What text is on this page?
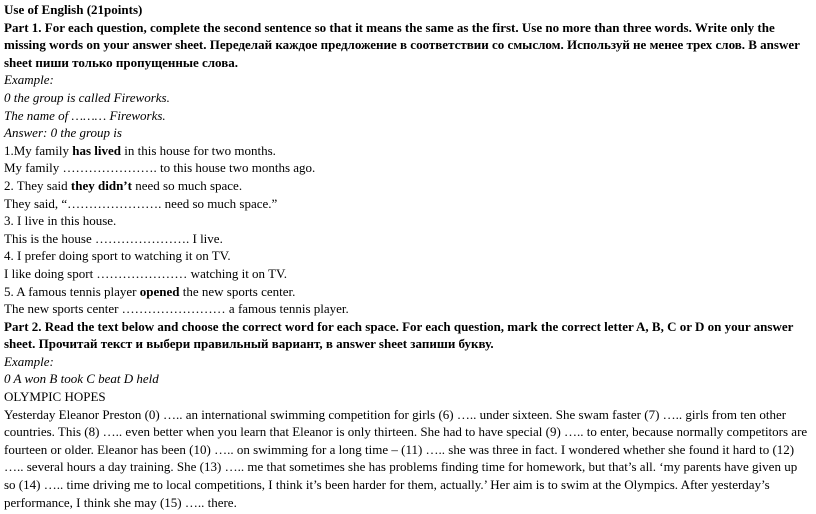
Use of English (21points)

Part 1. For each question, complete the second sentence so that it means the same as the first. Use no more than three words. Write only the missing words on your answer sheet. Переделай каждое предложение в соответствии со смыслом. Используй не менее трех слов. В answer sheet пиши только пропущенные слова.

Example:

0 the group is called Fireworks.

The name of ……… Fireworks.

Answer: 0 the group is

1.My family has lived in this house for two months.

My family …………………. to this house two months ago.

2. They said they didn’t need so much space.

They said, “…………………. need so much space.”

3. I live in this house.

This is the house …………………. I live.

4. I prefer doing sport to watching it on TV.

I like doing sport ………………… watching it on TV.

5. A famous tennis player opened the new sports center.

The new sports center …………………… a famous tennis player.

Part 2. Read the text below and choose the correct word for each space. For each question, mark the correct letter A, B, C or D on your answer sheet. Прочитай текст и выбери правильный вариант, в answer sheet запиши букву.

Example:

0 A won B took C beat D held

OLYMPIC HOPES

Yesterday Eleanor Preston (0) ….. an international swimming competition for girls (6) ….. under sixteen. She swam faster (7) ….. girls from ten other countries. This (8) ….. even better when you learn that Eleanor is only thirteen. She had to have special (9) ….. to enter, because normally competitors are fourteen or older. Eleanor has been (10) ….. on swimming for a long time – (11) ….. she was three in fact. I wondered whether she found it hard to (12) ….. several hours a day training. She (13) ….. me that sometimes she has problems finding time for homework, but that’s all. ‘my parents have given up so (14) ….. time driving me to local competitions, I think it’s been harder for them, actually.’ Her aim is to swim at the Olympics. After yesterday’s performance, I think she may (15) ….. there.
